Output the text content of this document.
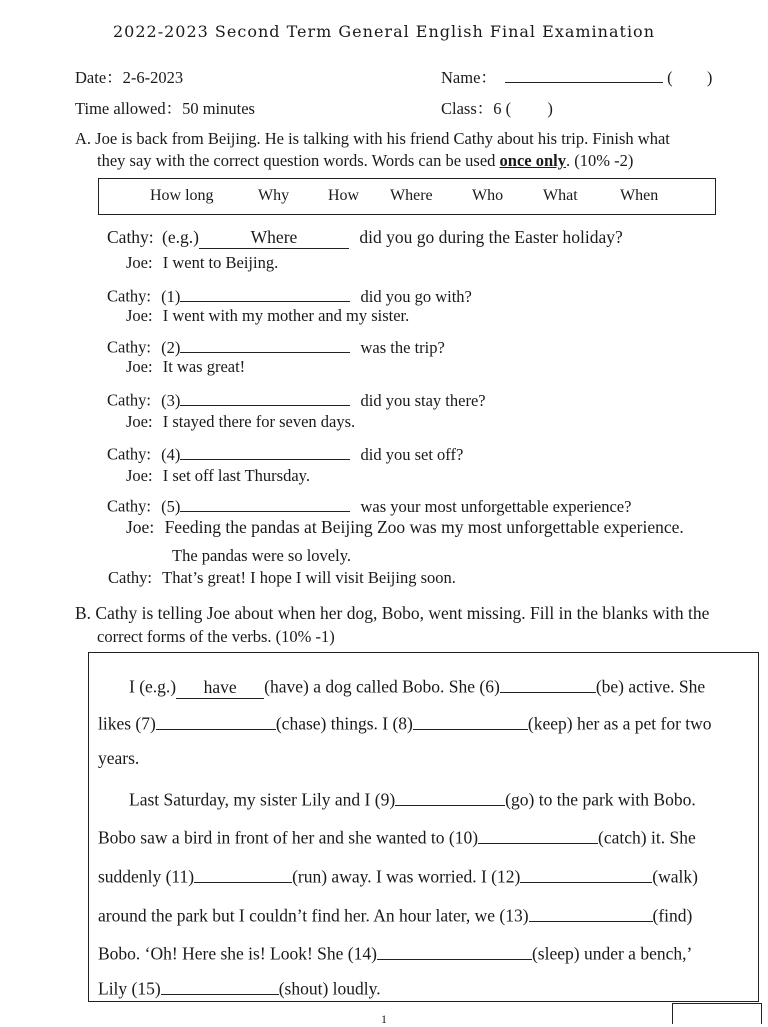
2022-2023 Second Term General English Final Examination
Date：2-6-2023	Name：	( )
Time allowed：50 minutes	Class：6 ( )
A. Joe is back from Beijing. He is talking with his friend Cathy about his trip. Finish what
they say with the correct question words. Words can be used once only. (10% -2)
How long	Why How Where Who What	When
Cathy: (e.g.)	Where	did you go during the Easter holiday?
Joe: I went to Beijing.
Cathy: (1)	did you go with?
Joe: I went with my mother and my sister.
Cathy: (2)	was the trip?
Joe: It was great!
Cathy: (3)	did you stay there?
Joe: I stayed there for seven days.
Cathy: (4)	did you set off?
Joe: I set off last Thursday.
Cathy: (5)	was your most unforgettable experience?
Joe: Feeding the pandas at Beijing Zoo was my most unforgettable experience.
The pandas were so lovely.
Cathy: That’s great! I hope I will visit Beijing soon.
B. Cathy is telling Joe about when her dog, Bobo, went missing. Fill in the blanks with the
correct forms of the verbs. (10% -1)
I (e.g.) have (have) a dog called Bobo. She (6)	(be) active. She
likes (7)	(chase) things. I (8)	(keep) her as a pet for two
years.
Last Saturday, my sister Lily and I (9)	(go) to the park with Bobo.
Bobo saw a bird in front of her and she wanted to (10)	(catch) it. She
suddenly (11)	(run) away. I was worried. I (12)	(walk)
around the park but I couldn’t find her. An hour later, we (13)	(find)
Bobo. ‘Oh! Here she is! Look! She (14)	(sleep) under a bench,’
Lily (15)	(shout) loudly.
1
